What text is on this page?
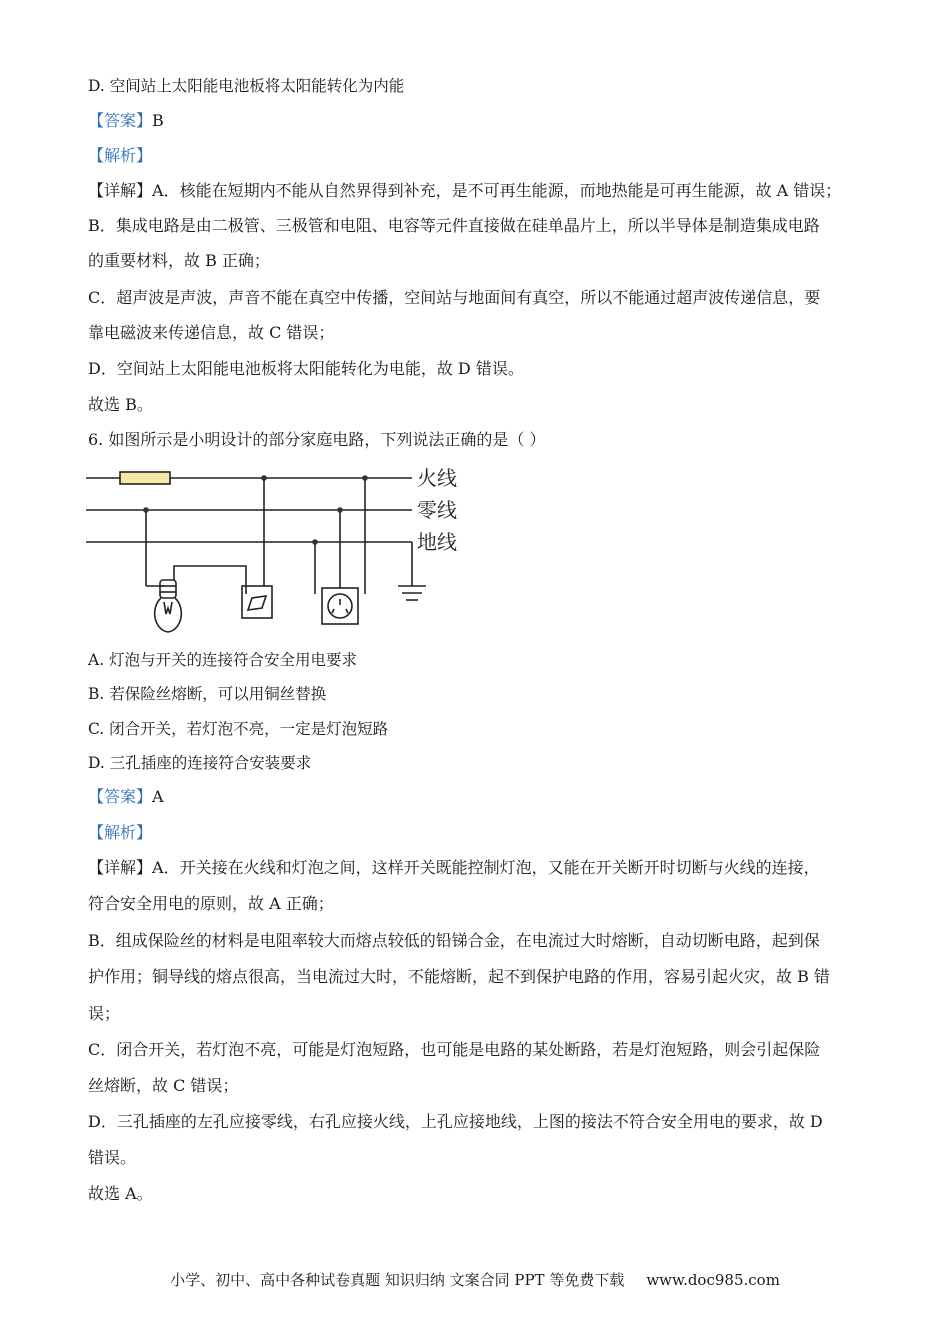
D. 空间站上太阳能电池板将太阳能转化为内能
【答案】B
【解析】
【详解】A．核能在短期内不能从自然界得到补充，是不可再生能源，而地热能是可再生能源，故 A 错误；
B．集成电路是由二极管、三极管和电阻、电容等元件直接做在硅单晶片上，所以半导体是制造集成电路
的重要材料，故 B 正确；
C．超声波是声波，声音不能在真空中传播，空间站与地面间有真空，所以不能通过超声波传递信息，要
靠电磁波来传递信息，故 C 错误；
D．空间站上太阳能电池板将太阳能转化为电能，故 D 错误。
故选 B。
6. 如图所示是小明设计的部分家庭电路，下列说法正确的是（ ）
火线
零线
地线
A. 灯泡与开关的连接符合安全用电要求
B. 若保险丝熔断，可以用铜丝替换
C. 闭合开关，若灯泡不亮，一定是灯泡短路
D. 三孔插座的连接符合安装要求
【答案】A
【解析】
【详解】A．开关接在火线和灯泡之间，这样开关既能控制灯泡，又能在开关断开时切断与火线的连接，
符合安全用电的原则，故 A 正确；
B．组成保险丝的材料是电阻率较大而熔点较低的铅锑合金，在电流过大时熔断，自动切断电路，起到保
护作用；铜导线的熔点很高，当电流过大时，不能熔断，起不到保护电路的作用，容易引起火灾，故 B 错
误；
C．闭合开关，若灯泡不亮，可能是灯泡短路，也可能是电路的某处断路，若是灯泡短路，则会引起保险
丝熔断，故 C 错误；
D．三孔插座的左孔应接零线，右孔应接火线，上孔应接地线，上图的接法不符合安全用电的要求，故 D
错误。
故选 A。
小学、初中、高中各种试卷真题 知识归纳 文案合同 PPT 等免费下载 www.doc985.com
